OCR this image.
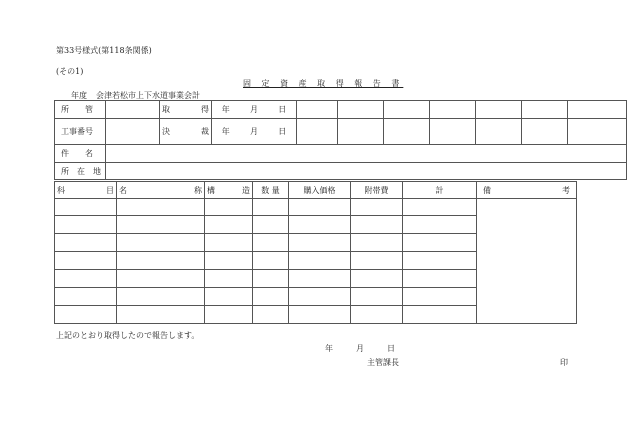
第33号様式(第118条関係)
(その1)
固 定 資 産 取 得 報 告 書
年度 会津若松市上下水道事業会計
所　　管		取 得	年	月	日							
工事番号		決 裁	年	月	日							
件　　名												
所　在　地												
科 目	名 称	構 造	数 量	購入価格	附帯費	計	備 考

上記のとおり取得したので報告します。
年	月	日
主管課長	印
